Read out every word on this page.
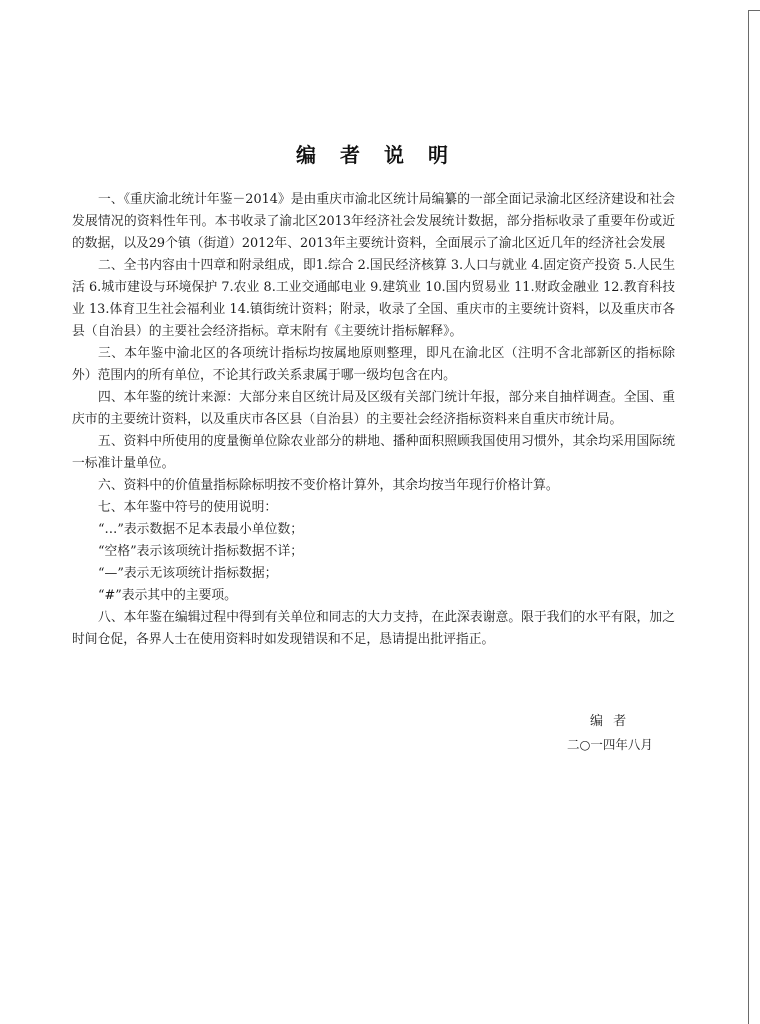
编者说明
一、《重庆渝北统计年鉴－2014》是由重庆市渝北区统计局编纂的一部全面记录渝北区经济建设和社会
发展情况的资料性年刊。本书收录了渝北区2013年经济社会发展统计数据，部分指标收录了重要年份或近
的数据，以及29个镇（街道）2012年、2013年主要统计资料，全面展示了渝北区近几年的经济社会发展
二、全书内容由十四章和附录组成，即1.综合 2.国民经济核算 3.人口与就业 4.固定资产投资 5.人民生
活 6.城市建设与环境保护 7.农业 8.工业交通邮电业 9.建筑业 10.国内贸易业 11.财政金融业 12.教育科技
业 13.体育卫生社会福利业 14.镇街统计资料；附录，收录了全国、重庆市的主要统计资料，以及重庆市各
县（自治县）的主要社会经济指标。章末附有《主要统计指标解释》。
三、本年鉴中渝北区的各项统计指标均按属地原则整理，即凡在渝北区（注明不含北部新区的指标除
外）范围内的所有单位，不论其行政关系隶属于哪一级均包含在内。
四、本年鉴的统计来源：大部分来自区统计局及区级有关部门统计年报，部分来自抽样调查。全国、重
庆市的主要统计资料，以及重庆市各区县（自治县）的主要社会经济指标资料来自重庆市统计局。
五、资料中所使用的度量衡单位除农业部分的耕地、播种面积照顾我国使用习惯外，其余均采用国际统
一标准计量单位。
六、资料中的价值量指标除标明按不变价格计算外，其余均按当年现行价格计算。
七、本年鉴中符号的使用说明：
“…”表示数据不足本表最小单位数；
“空格”表示该项统计指标数据不详；
“—”表示无该项统计指标数据；
“#”表示其中的主要项。
八、本年鉴在编辑过程中得到有关单位和同志的大力支持，在此深表谢意。限于我们的水平有限，加之
时间仓促，各界人士在使用资料时如发现错误和不足，恳请提出批评指正。
编 者
二○一四年八月
